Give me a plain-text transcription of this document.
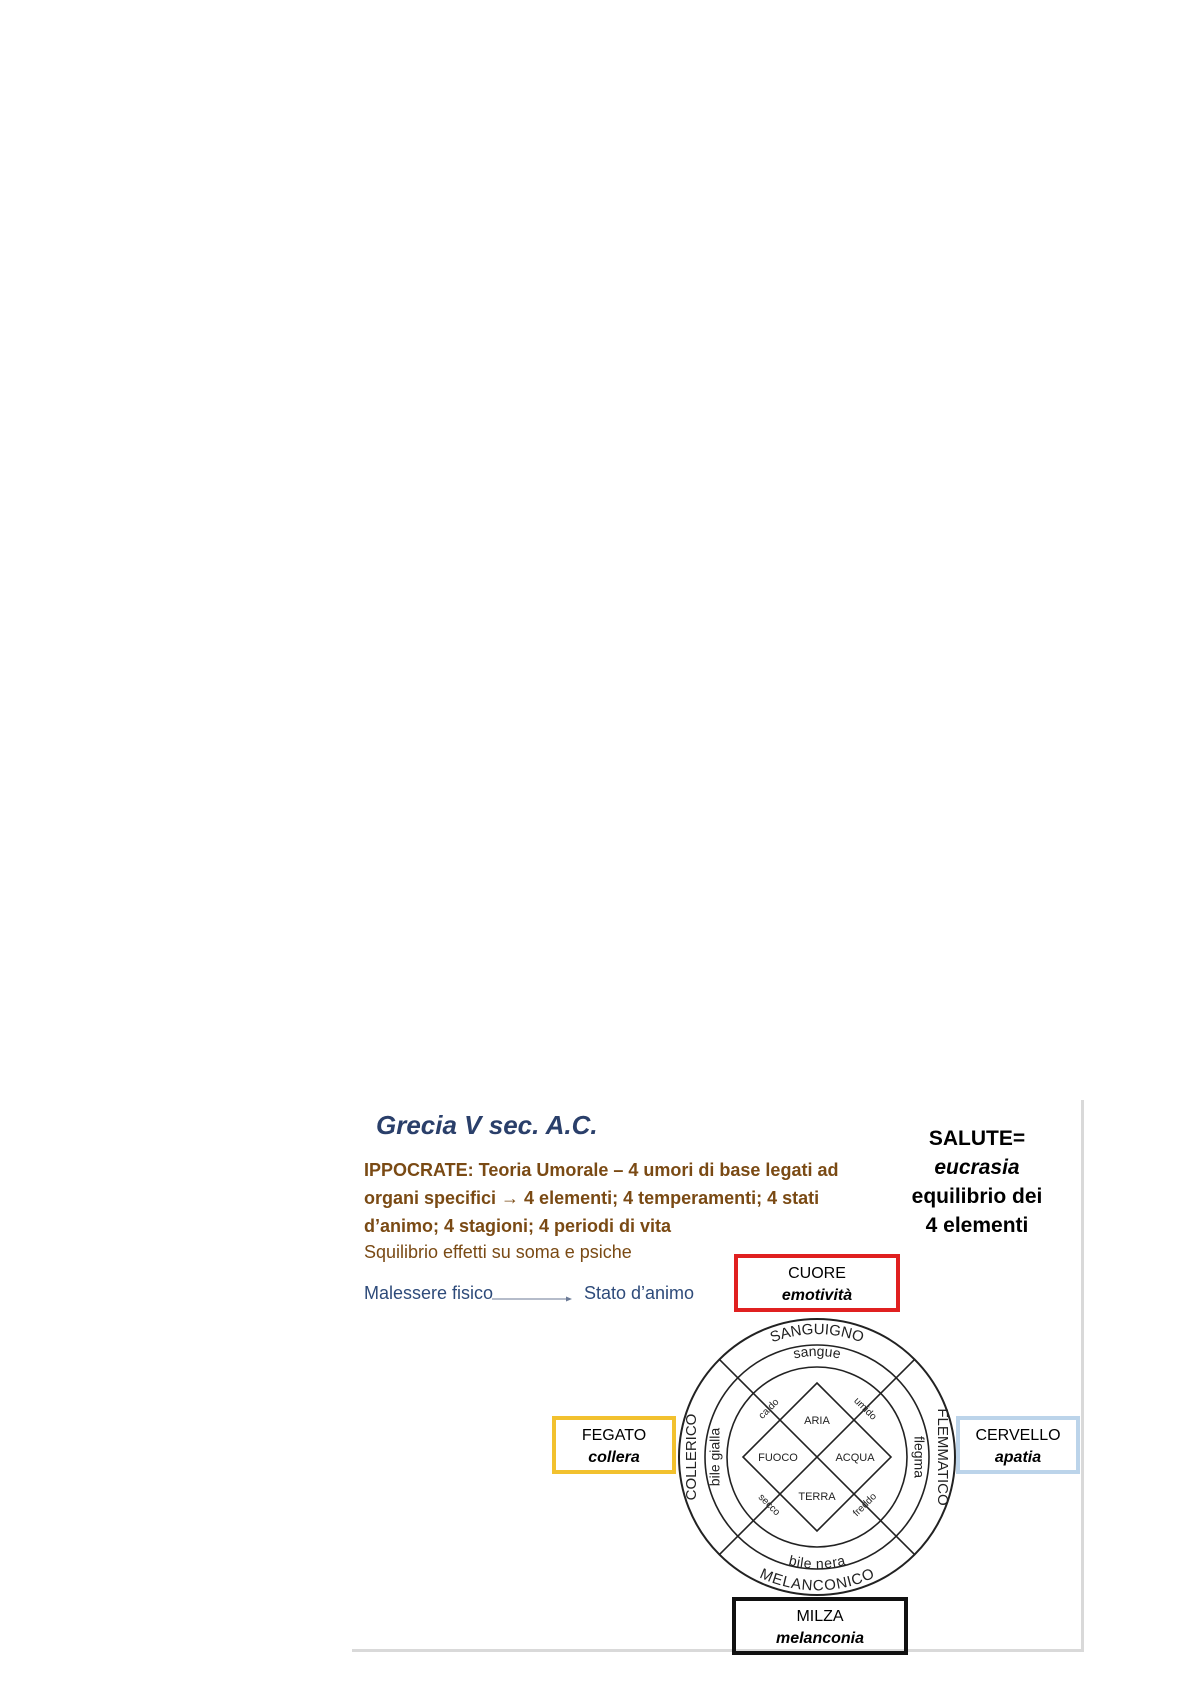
Grecia V sec. A.C.

IPPOCRATE: Teoria Umorale – 4 umori di base legati ad organi specifici → 4 elementi; 4 temperamenti; 4 stati d’animo; 4 stagioni; 4 periodi di vita

Squilibrio effetti su soma e psiche

Malessere fisico	Stato d’animo
SALUTE=
eucrasia
equilibrio dei
4 elementi
CUORE
emotività
FEGATO
collera
CERVELLO
apatia
MILZA
melanconia
SANGUIGNO
MELANCONICO
FLEMMATICO
COLLERICO
sangue
bile nera
flegma
bile gialla
ARIA
ACQUA
TERRA
FUOCO
caldo	umido
freddo
secco
